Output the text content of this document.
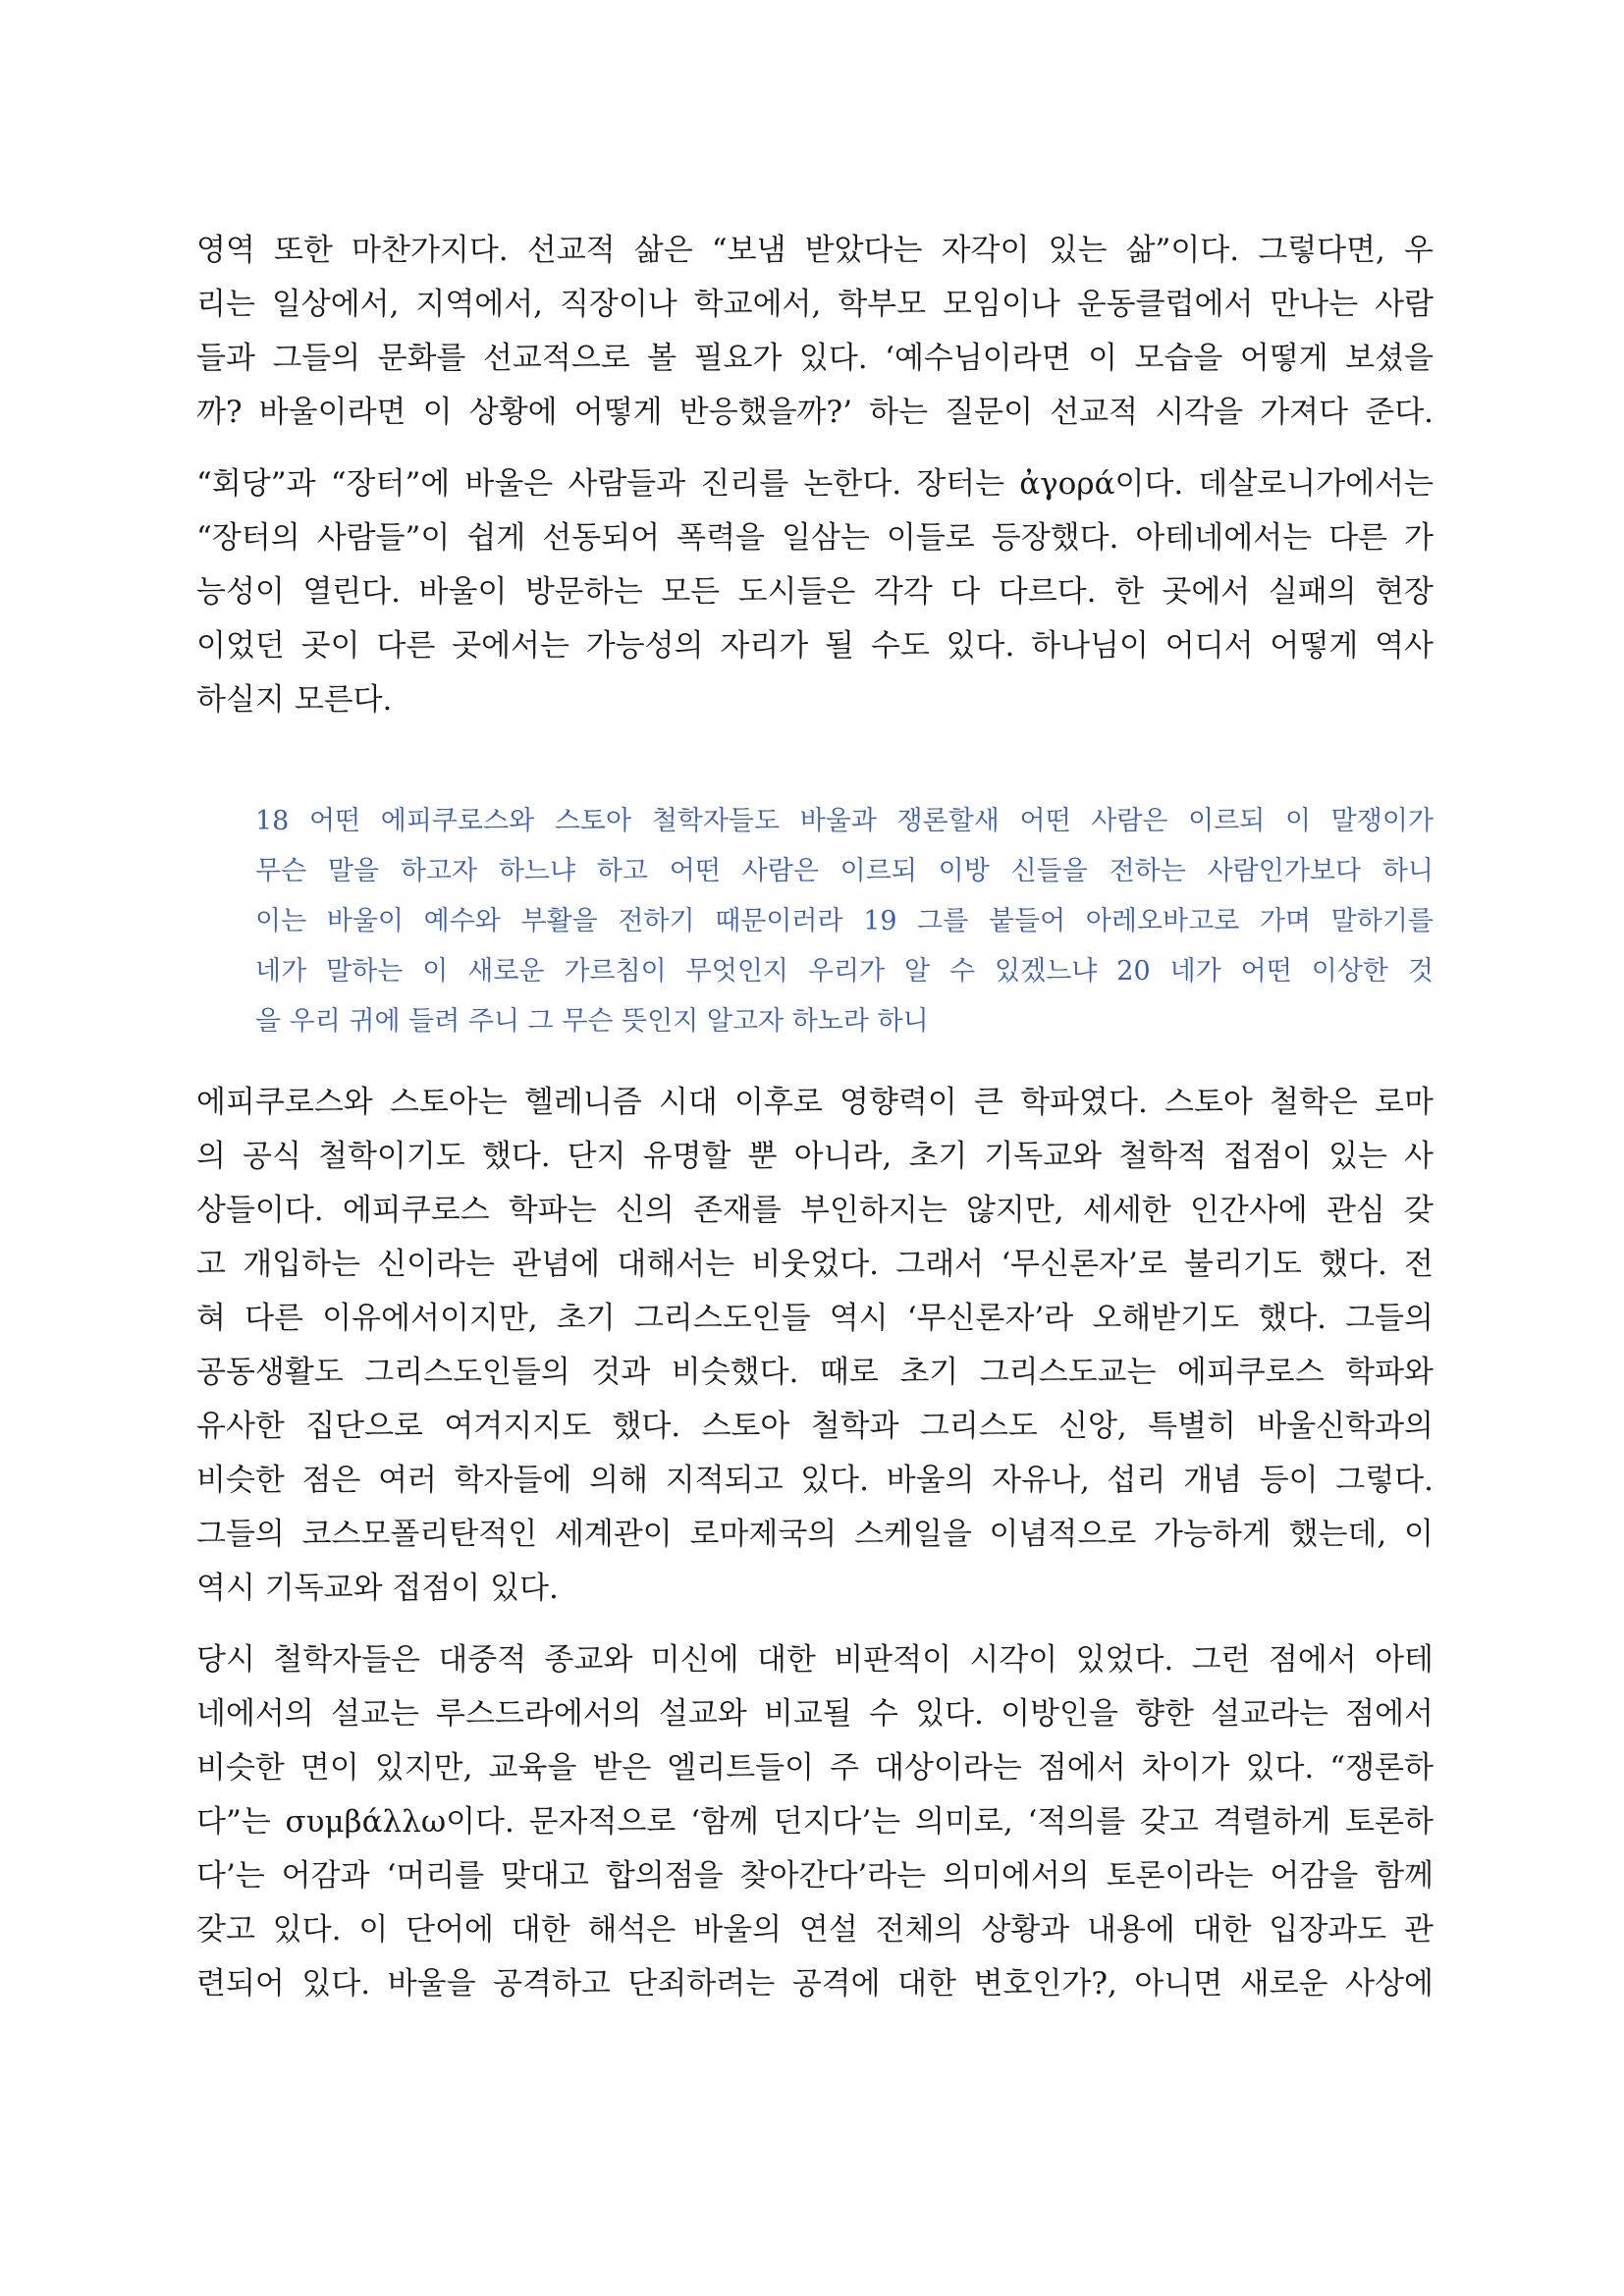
영역 또한 마찬가지다. 선교적 삶은 “보냄 받았다는 자각이 있는 삶”이다. 그렇다면, 우
리는 일상에서, 지역에서, 직장이나 학교에서, 학부모 모임이나 운동클럽에서 만나는 사람
들과 그들의 문화를 선교적으로 볼 필요가 있다. ‘예수님이라면 이 모습을 어떻게 보셨을
까? 바울이라면 이 상황에 어떻게 반응했을까?’ 하는 질문이 선교적 시각을 가져다 준다.
“회당”과 “장터”에 바울은 사람들과 진리를 논한다. 장터는 ἀγορά이다. 데살로니가에서는
“장터의 사람들”이 쉽게 선동되어 폭력을 일삼는 이들로 등장했다. 아테네에서는 다른 가
능성이 열린다. 바울이 방문하는 모든 도시들은 각각 다 다르다. 한 곳에서 실패의 현장
이었던 곳이 다른 곳에서는 가능성의 자리가 될 수도 있다. 하나님이 어디서 어떻게 역사
하실지 모른다.
18 어떤 에피쿠로스와 스토아 철학자들도 바울과 쟁론할새 어떤 사람은 이르되 이 말쟁이가
무슨 말을 하고자 하느냐 하고 어떤 사람은 이르되 이방 신들을 전하는 사람인가보다 하니
이는 바울이 예수와 부활을 전하기 때문이러라 19 그를 붙들어 아레오바고로 가며 말하기를
네가 말하는 이 새로운 가르침이 무엇인지 우리가 알 수 있겠느냐 20 네가 어떤 이상한 것
을 우리 귀에 들려 주니 그 무슨 뜻인지 알고자 하노라 하니
에피쿠로스와 스토아는 헬레니즘 시대 이후로 영향력이 큰 학파였다. 스토아 철학은 로마
의 공식 철학이기도 했다. 단지 유명할 뿐 아니라, 초기 기독교와 철학적 접점이 있는 사
상들이다. 에피쿠로스 학파는 신의 존재를 부인하지는 않지만, 세세한 인간사에 관심 갖
고 개입하는 신이라는 관념에 대해서는 비웃었다. 그래서 ‘무신론자’로 불리기도 했다. 전
혀 다른 이유에서이지만, 초기 그리스도인들 역시 ‘무신론자’라 오해받기도 했다. 그들의
공동생활도 그리스도인들의 것과 비슷했다. 때로 초기 그리스도교는 에피쿠로스 학파와
유사한 집단으로 여겨지지도 했다. 스토아 철학과 그리스도 신앙, 특별히 바울신학과의
비슷한 점은 여러 학자들에 의해 지적되고 있다. 바울의 자유나, 섭리 개념 등이 그렇다.
그들의 코스모폴리탄적인 세계관이 로마제국의 스케일을 이념적으로 가능하게 했는데, 이
역시 기독교와 접점이 있다.
당시 철학자들은 대중적 종교와 미신에 대한 비판적이 시각이 있었다. 그런 점에서 아테
네에서의 설교는 루스드라에서의 설교와 비교될 수 있다. 이방인을 향한 설교라는 점에서
비슷한 면이 있지만, 교육을 받은 엘리트들이 주 대상이라는 점에서 차이가 있다. “쟁론하
다”는 συμβάλλω이다. 문자적으로 ‘함께 던지다’는 의미로, ‘적의를 갖고 격렬하게 토론하
다’는 어감과 ‘머리를 맞대고 합의점을 찾아간다’라는 의미에서의 토론이라는 어감을 함께
갖고 있다. 이 단어에 대한 해석은 바울의 연설 전체의 상황과 내용에 대한 입장과도 관
련되어 있다. 바울을 공격하고 단죄하려는 공격에 대한 변호인가?, 아니면 새로운 사상에
